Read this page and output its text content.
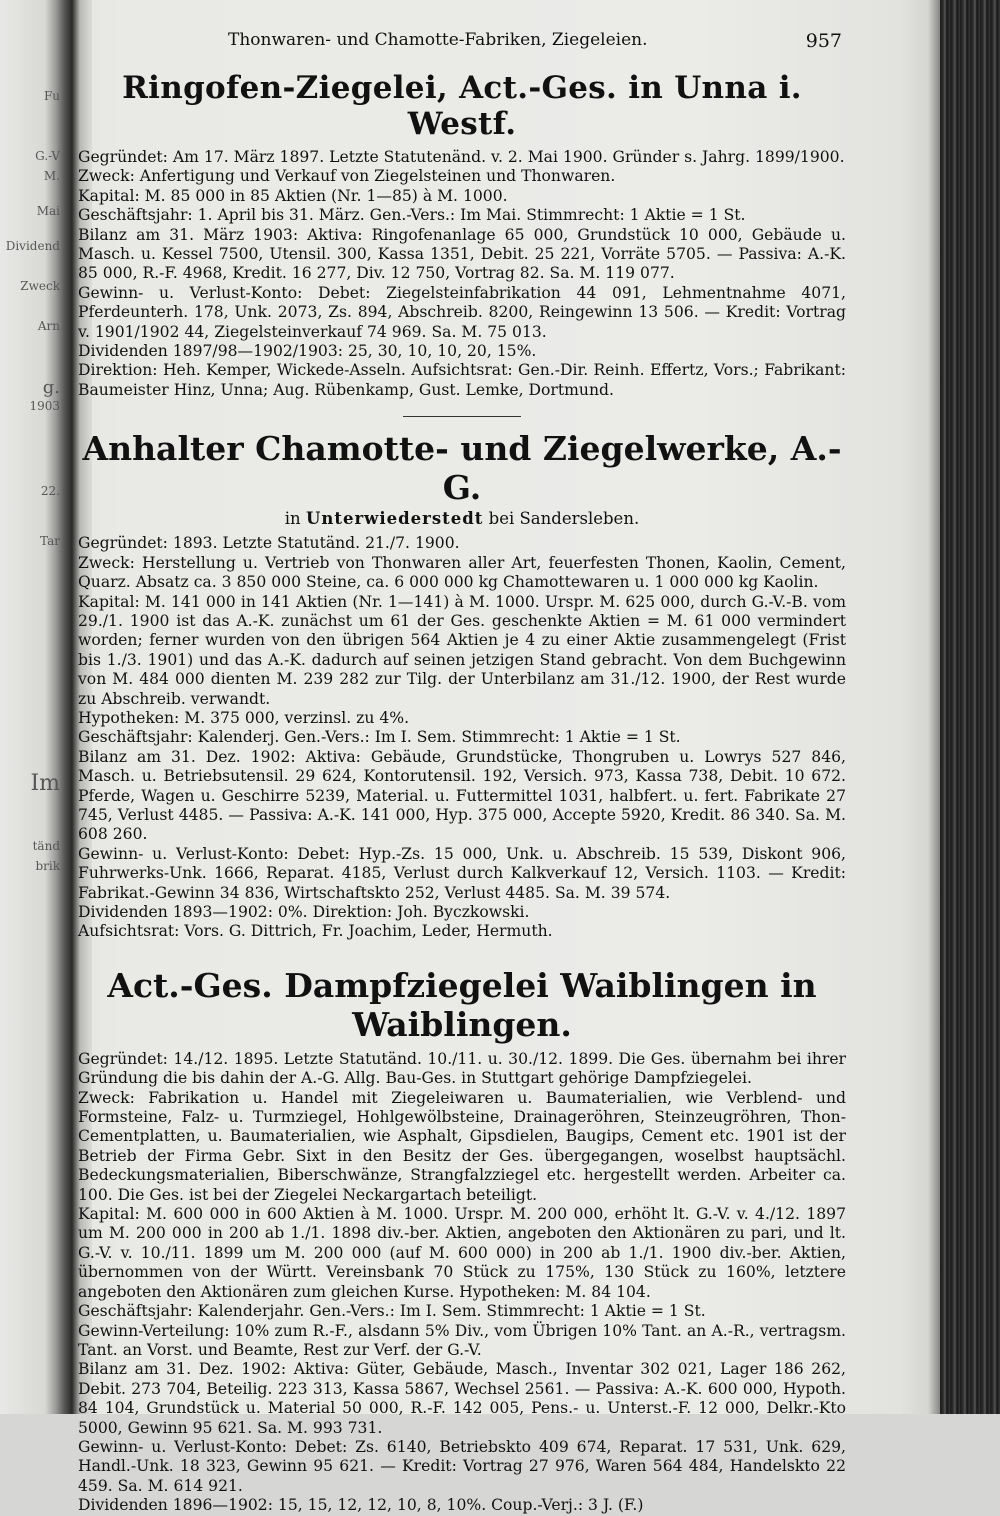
Fu
G.-V
M.
Mai
Dividend
Zweck
Arn
g.
1903
22.
Tar
Im
tänd
brik
Thonwaren- und Chamotte-Fabriken, Ziegeleien.	957
Ringofen-Ziegelei, Act.-Ges. in Unna i. Westf.

Gegründet: Am 17. März 1897. Letzte Statutenänd. v. 2. Mai 1900. Gründer s. Jahrg. 1899/1900.

Zweck: Anfertigung und Verkauf von Ziegelsteinen und Thonwaren.

Kapital: M. 85 000 in 85 Aktien (Nr. 1—85) à M. 1000.

Geschäftsjahr: 1. April bis 31. März. Gen.-Vers.: Im Mai. Stimmrecht: 1 Aktie = 1 St.

Bilanz am 31. März 1903: Aktiva: Ringofenanlage 65 000, Grundstück 10 000, Gebäude u. Masch. u. Kessel 7500, Utensil. 300, Kassa 1351, Debit. 25 221, Vorräte 5705. — Passiva: A.-K. 85 000, R.-F. 4968, Kredit. 16 277, Div. 12 750, Vortrag 82. Sa. M. 119 077.

Gewinn- u. Verlust-Konto: Debet: Ziegelsteinfabrikation 44 091, Lehmentnahme 4071, Pferdeunterh. 178, Unk. 2073, Zs. 894, Abschreib. 8200, Reingewinn 13 506. — Kredit: Vortrag v. 1901/1902 44, Ziegelsteinverkauf 74 969. Sa. M. 75 013.

Dividenden 1897/98—1902/1903: 25, 30, 10, 10, 20, 15%.

Direktion: Heh. Kemper, Wickede-Asseln. Aufsichtsrat: Gen.-Dir. Reinh. Effertz, Vors.; Fabrikant: Baumeister Hinz, Unna; Aug. Rübenkamp, Gust. Lemke, Dortmund.

Anhalter Chamotte- und Ziegelwerke, A.-G.
in Unterwiederstedt bei Sandersleben.

Gegründet: 1893. Letzte Statutänd. 21./7. 1900.

Zweck: Herstellung u. Vertrieb von Thonwaren aller Art, feuerfesten Thonen, Kaolin, Cement, Quarz. Absatz ca. 3 850 000 Steine, ca. 6 000 000 kg Chamottewaren u. 1 000 000 kg Kaolin.

Kapital: M. 141 000 in 141 Aktien (Nr. 1—141) à M. 1000. Urspr. M. 625 000, durch G.-V.-B. vom 29./1. 1900 ist das A.-K. zunächst um 61 der Ges. geschenkte Aktien = M. 61 000 vermindert worden; ferner wurden von den übrigen 564 Aktien je 4 zu einer Aktie zusammengelegt (Frist bis 1./3. 1901) und das A.-K. dadurch auf seinen jetzigen Stand gebracht. Von dem Buchgewinn von M. 484 000 dienten M. 239 282 zur Tilg. der Unterbilanz am 31./12. 1900, der Rest wurde zu Abschreib. verwandt.

Hypotheken: M. 375 000, verzinsl. zu 4%.

Geschäftsjahr: Kalenderj. Gen.-Vers.: Im I. Sem. Stimmrecht: 1 Aktie = 1 St.

Bilanz am 31. Dez. 1902: Aktiva: Gebäude, Grundstücke, Thongruben u. Lowrys 527 846, Masch. u. Betriebsutensil. 29 624, Kontorutensil. 192, Versich. 973, Kassa 738, Debit. 10 672. Pferde, Wagen u. Geschirre 5239, Material. u. Futtermittel 1031, halbfert. u. fert. Fabrikate 27 745, Verlust 4485. — Passiva: A.-K. 141 000, Hyp. 375 000, Accepte 5920, Kredit. 86 340. Sa. M. 608 260.

Gewinn- u. Verlust-Konto: Debet: Hyp.-Zs. 15 000, Unk. u. Abschreib. 15 539, Diskont 906, Fuhrwerks-Unk. 1666, Reparat. 4185, Verlust durch Kalkverkauf 12, Versich. 1103. — Kredit: Fabrikat.-Gewinn 34 836, Wirtschaftskto 252, Verlust 4485. Sa. M. 39 574.

Dividenden 1893—1902: 0%. Direktion: Joh. Byczkowski.

Aufsichtsrat: Vors. G. Dittrich, Fr. Joachim, Leder, Hermuth.

Act.-Ges. Dampfziegelei Waiblingen in Waiblingen.

Gegründet: 14./12. 1895. Letzte Statutänd. 10./11. u. 30./12. 1899. Die Ges. übernahm bei ihrer Gründung die bis dahin der A.-G. Allg. Bau-Ges. in Stuttgart gehörige Dampfziegelei.

Zweck: Fabrikation u. Handel mit Ziegeleiwaren u. Baumaterialien, wie Verblend- und Formsteine, Falz- u. Turmziegel, Hohlgewölbsteine, Drainageröhren, Steinzeugröhren, Thon-Cementplatten, u. Baumaterialien, wie Asphalt, Gipsdielen, Baugips, Cement etc. 1901 ist der Betrieb der Firma Gebr. Sixt in den Besitz der Ges. übergegangen, woselbst hauptsächl. Bedeckungsmaterialien, Biberschwänze, Strangfalzziegel etc. hergestellt werden. Arbeiter ca. 100. Die Ges. ist bei der Ziegelei Neckargartach beteiligt.

Kapital: M. 600 000 in 600 Aktien à M. 1000. Urspr. M. 200 000, erhöht lt. G.-V. v. 4./12. 1897 um M. 200 000 in 200 ab 1./1. 1898 div.-ber. Aktien, angeboten den Aktionären zu pari, und lt. G.-V. v. 10./11. 1899 um M. 200 000 (auf M. 600 000) in 200 ab 1./1. 1900 div.-ber. Aktien, übernommen von der Württ. Vereinsbank 70 Stück zu 175%, 130 Stück zu 160%, letztere angeboten den Aktionären zum gleichen Kurse. Hypotheken: M. 84 104.

Geschäftsjahr: Kalenderjahr. Gen.-Vers.: Im I. Sem. Stimmrecht: 1 Aktie = 1 St.

Gewinn-Verteilung: 10% zum R.-F., alsdann 5% Div., vom Übrigen 10% Tant. an A.-R., vertragsm. Tant. an Vorst. und Beamte, Rest zur Verf. der G.-V.

Bilanz am 31. Dez. 1902: Aktiva: Güter, Gebäude, Masch., Inventar 302 021, Lager 186 262, Debit. 273 704, Beteilig. 223 313, Kassa 5867, Wechsel 2561. — Passiva: A.-K. 600 000, Hypoth. 84 104, Grundstück u. Material 50 000, R.-F. 142 005, Pens.- u. Unterst.-F. 12 000, Delkr.-Kto 5000, Gewinn 95 621. Sa. M. 993 731.

Gewinn- u. Verlust-Konto: Debet: Zs. 6140, Betriebskto 409 674, Reparat. 17 531, Unk. 629, Handl.-Unk. 18 323, Gewinn 95 621. — Kredit: Vortrag 27 976, Waren 564 484, Handelskto 22 459. Sa. M. 614 921.

Dividenden 1896—1902: 15, 15, 12, 12, 10, 8, 10%. Coup.-Verj.: 3 J. (F.)
